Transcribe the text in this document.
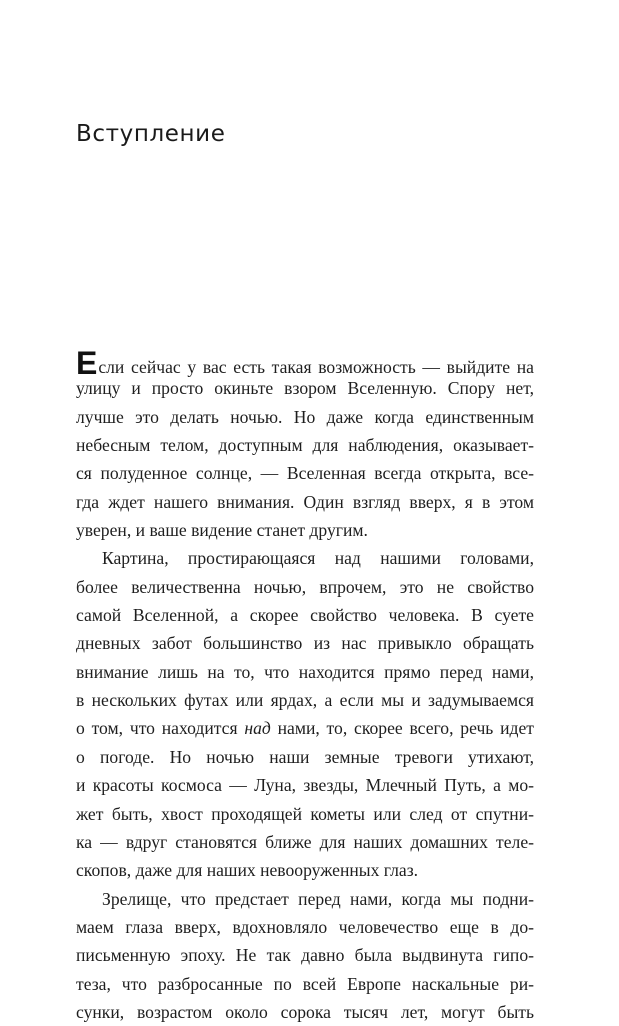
Вступление
Если сейчас у вас есть такая возможность — выйдите на
улицу и просто окиньте взором Вселенную. Спору нет,
лучше это делать ночью. Но даже когда единственным
небесным телом, доступным для наблюдения, оказывает-
ся полуденное солнце, — Вселенная всегда открыта, все-
гда ждет нашего внимания. Один взгляд вверх, я в этом
уверен, и ваше видение станет другим.
Картина, простирающаяся над нашими головами,
более величественна ночью, впрочем, это не свойство
самой Вселенной, а скорее свойство человека. В суете
дневных забот большинство из нас привыкло обращать
внимание лишь на то, что находится прямо перед нами,
в нескольких футах или ярдах, а если мы и задумываемся
о том, что находится над нами, то, скорее всего, речь идет
о погоде. Но ночью наши земные тревоги утихают,
и красоты космоса — Луна, звезды, Млечный Путь, а мо-
жет быть, хвост проходящей кометы или след от спутни-
ка — вдруг становятся ближе для наших домашних теле-
скопов, даже для наших невооруженных глаз.
Зрелище, что предстает перед нами, когда мы подни-
маем глаза вверх, вдохновляло человечество еще в до-
письменную эпоху. Не так давно была выдвинута гипо-
теза, что разбросанные по всей Европе наскальные ри-
сунки, возрастом около сорока тысяч лет, могут быть
